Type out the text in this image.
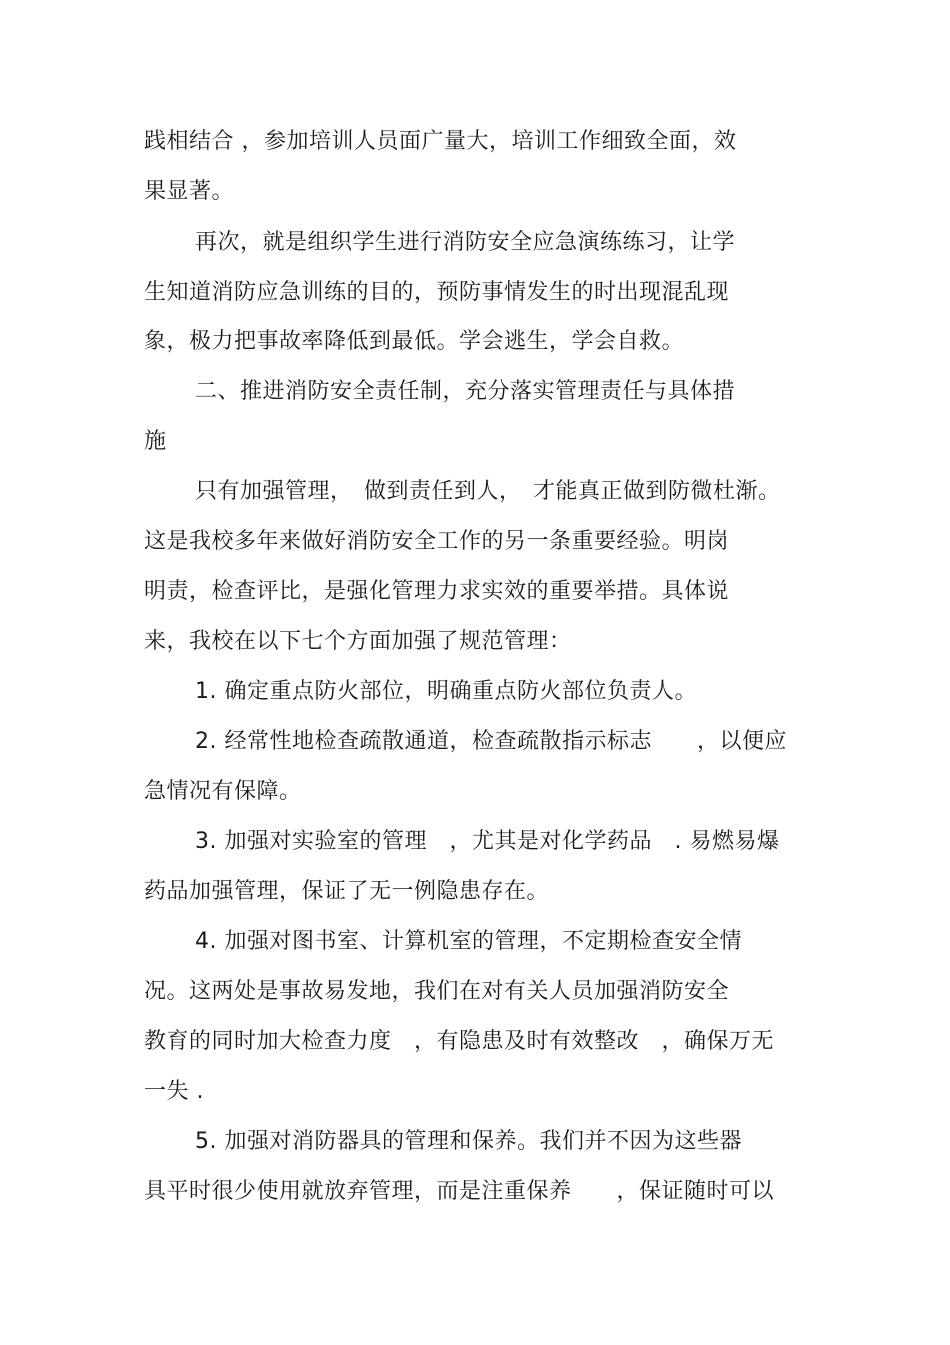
践相结合 ，参加培训人员面广量大，培训工作细致全面，效
果显著。
再次，就是组织学生进行消防安全应急演练练习，让学
生知道消防应急训练的目的，预防事情发生的时出现混乱现
象，极力把事故率降低到最低。学会逃生，学会自救。
二、推进消防安全责任制，充分落实管理责任与具体措
施
只有加强管理，　做到责任到人，　才能真正做到防微杜渐。
这是我校多年来做好消防安全工作的另一条重要经验。明岗
明责，检查评比，是强化管理力求实效的重要举措。具体说
来，我校在以下七个方面加强了规范管理：
1. 确定重点防火部位，明确重点防火部位负责人。
2. 经常性地检查疏散通道，检查疏散指示标志　　，以便应
急情况有保障。
3. 加强对实验室的管理　，尤其是对化学药品　. 易燃易爆
药品加强管理，保证了无一例隐患存在。
4. 加强对图书室、计算机室的管理，不定期检查安全情
况。这两处是事故易发地，我们在对有关人员加强消防安全
教育的同时加大检查力度　，有隐患及时有效整改　，确保万无
一失 .
5. 加强对消防器具的管理和保养。我们并不因为这些器
具平时很少使用就放弃管理，而是注重保养　　，保证随时可以
